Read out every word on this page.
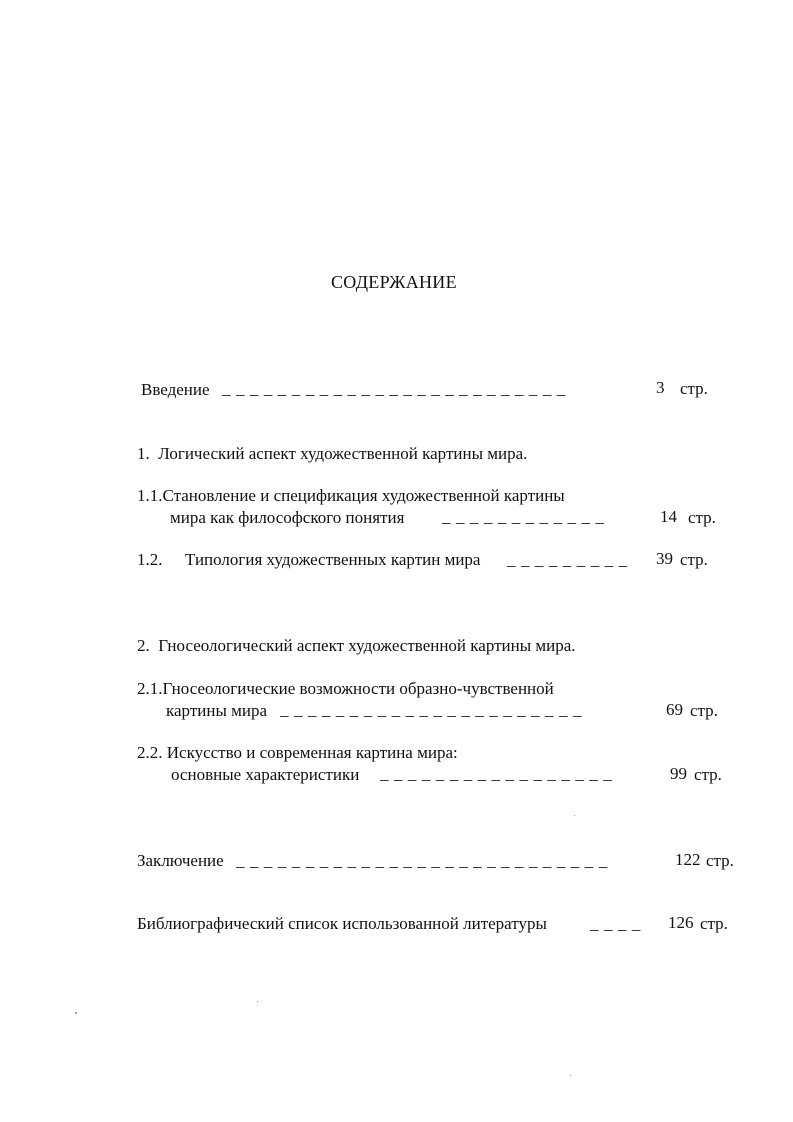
СОДЕРЖАНИЕ
Введение _ _ _ _ _ _ _ _ _ _ _ _ _ _ _ _ _ _ _ _ _ _ _ _ _	3 стр.
1.  Логический аспект художественной картины мира.
1.1.Становление и спецификация художественной картины
мира как философского понятия _ _ _ _ _ _ _ _ _ _ _ _	14 стр.
1.2. Типология художественных картин мира _ _ _ _ _ _ _ _ _ 39 стр.
2.  Гносеологический аспект художественной картины мира.
2.1.Гносеологические возможности образно-чувственной
картины мира _ _ _ _ _ _ _ _ _ _ _ _ _ _ _ _ _ _ _ _ _ _	69 стр.
2.2. Искусство и современная картина мира:
основные характеристики _ _ _ _ _ _ _ _ _ _ _ _ _ _ _ _ _	99 стр.
Заключение _ _ _ _ _ _ _ _ _ _ _ _ _ _ _ _ _ _ _ _ _ _ _ _ _ _ _	122 стр.
Библиографический список использованной литературы	_ _ _ _ 126 стр.
